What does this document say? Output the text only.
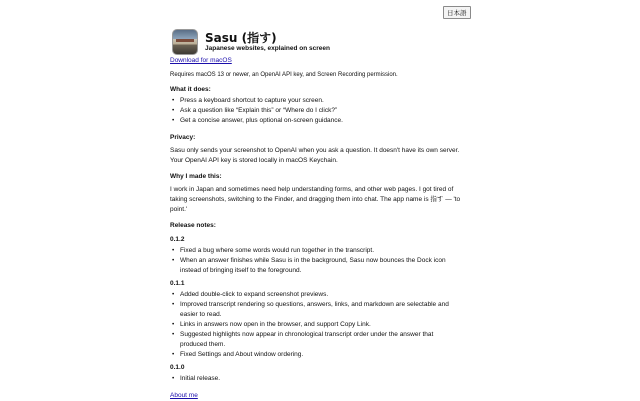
日本語
Sasu (指す)
Japanese websites, explained on screen
Download for macOS
Requires macOS 13 or newer, an OpenAI API key, and Screen Recording permission.
What it does:
• Press a keyboard shortcut to capture your screen.
• Ask a question like “Explain this” or “Where do I click?”
• Get a concise answer, plus optional on-screen guidance.
Privacy:
Sasu only sends your screenshot to OpenAI when you ask a question. It doesn't have its own server.
Your OpenAI API key is stored locally in macOS Keychain.
Why I made this:
I work in Japan and sometimes need help understanding forms, and other web pages. I got tired of
taking screenshots, switching to the Finder, and dragging them into chat. The app name is 指す — 'to
point.'
Release notes:
0.1.2
• Fixed a bug where some words would run together in the transcript.
• When an answer finishes while Sasu is in the background, Sasu now bounces the Dock icon
instead of bringing itself to the foreground.
0.1.1
• Added double-click to expand screenshot previews.
• Improved transcript rendering so questions, answers, links, and markdown are selectable and
easier to read.
• Links in answers now open in the browser, and support Copy Link.
• Suggested highlights now appear in chronological transcript order under the answer that
produced them.
• Fixed Settings and About window ordering.
0.1.0
• Initial release.
About me
